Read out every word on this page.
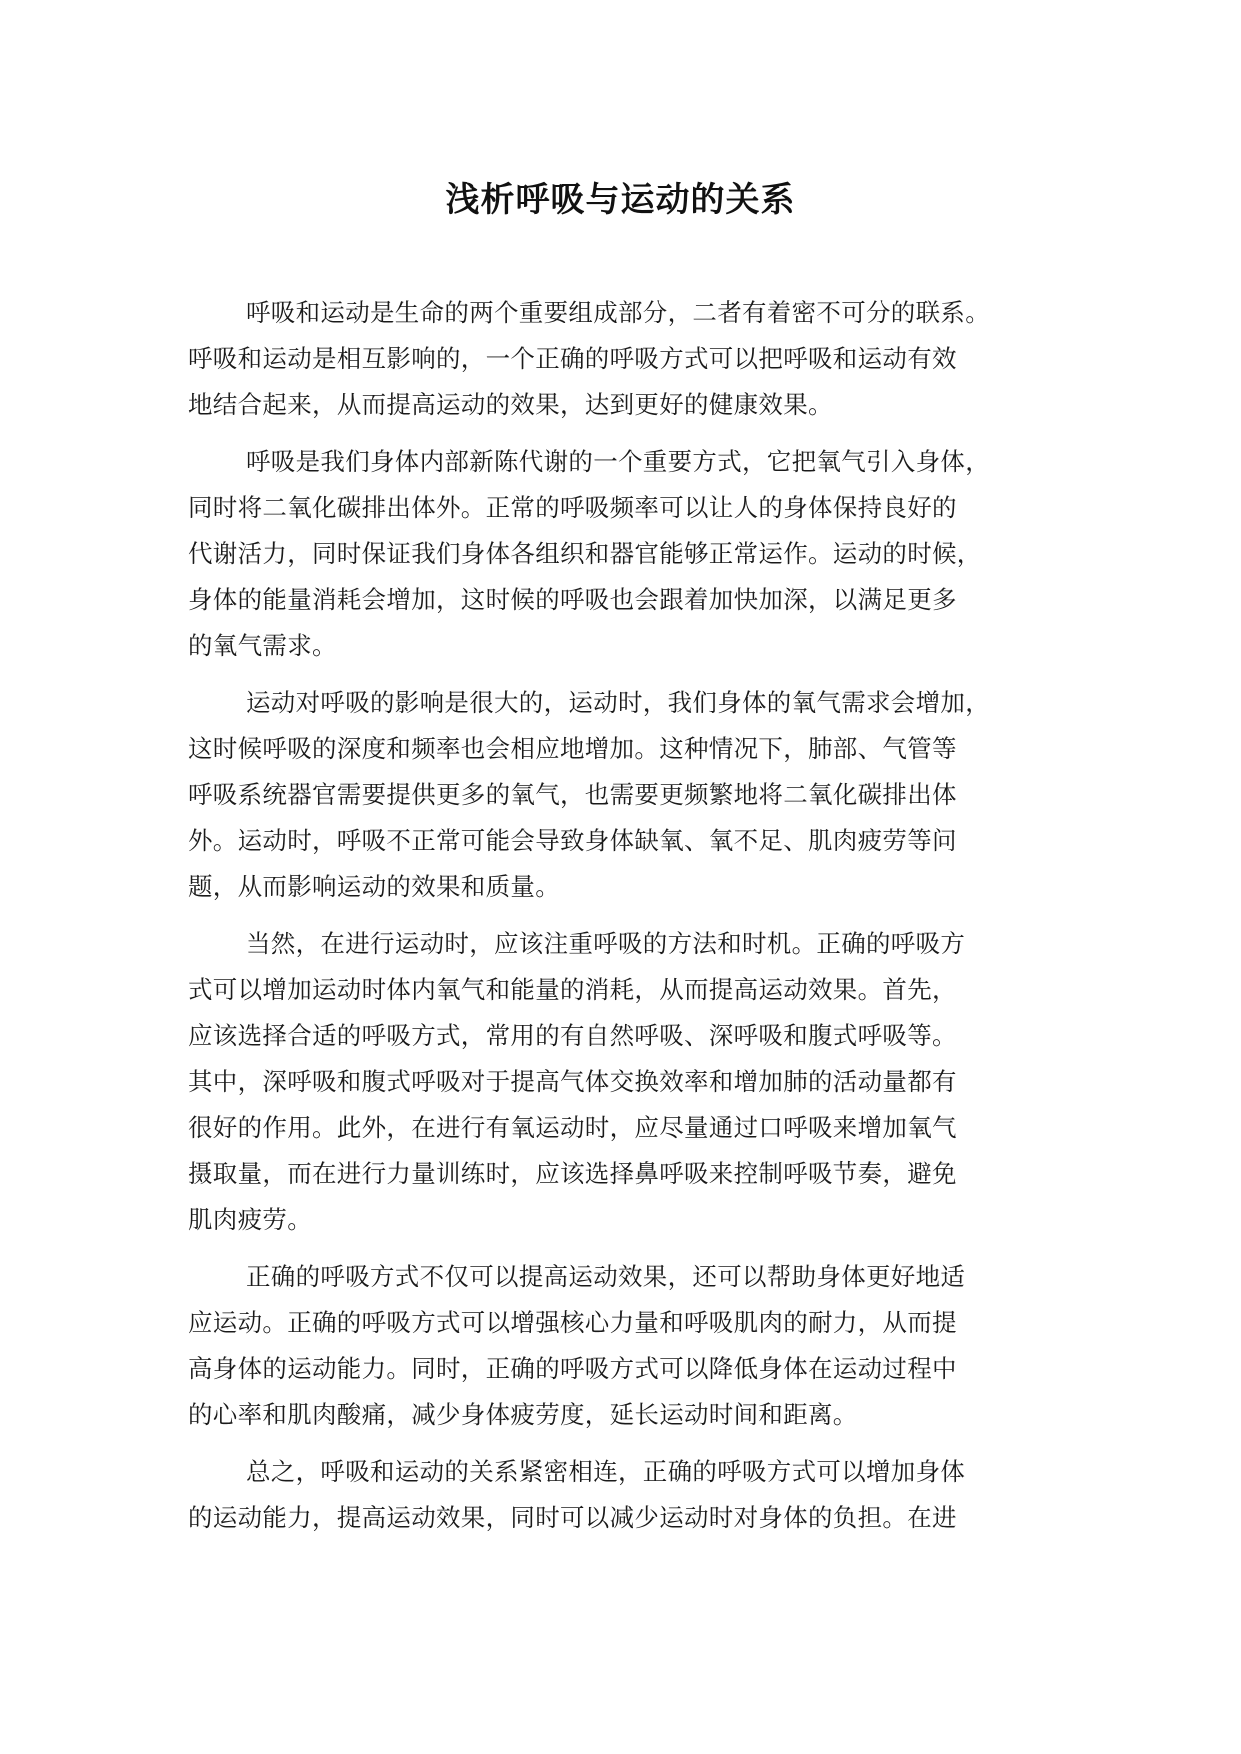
浅析呼吸与运动的关系

呼吸和运动是生命的两个重要组成部分，二者有着密不可分的联系。
呼吸和运动是相互影响的，一个正确的呼吸方式可以把呼吸和运动有效
地结合起来，从而提高运动的效果，达到更好的健康效果。

呼吸是我们身体内部新陈代谢的一个重要方式，它把氧气引入身体，
同时将二氧化碳排出体外。正常的呼吸频率可以让人的身体保持良好的
代谢活力，同时保证我们身体各组织和器官能够正常运作。运动的时候，
身体的能量消耗会增加，这时候的呼吸也会跟着加快加深，以满足更多
的氧气需求。

运动对呼吸的影响是很大的，运动时，我们身体的氧气需求会增加，
这时候呼吸的深度和频率也会相应地增加。这种情况下，肺部、气管等
呼吸系统器官需要提供更多的氧气，也需要更频繁地将二氧化碳排出体
外。运动时，呼吸不正常可能会导致身体缺氧、氧不足、肌肉疲劳等问
题，从而影响运动的效果和质量。

当然，在进行运动时，应该注重呼吸的方法和时机。正确的呼吸方
式可以增加运动时体内氧气和能量的消耗，从而提高运动效果。首先，
应该选择合适的呼吸方式，常用的有自然呼吸、深呼吸和腹式呼吸等。
其中，深呼吸和腹式呼吸对于提高气体交换效率和增加肺的活动量都有
很好的作用。此外，在进行有氧运动时，应尽量通过口呼吸来增加氧气
摄取量，而在进行力量训练时，应该选择鼻呼吸来控制呼吸节奏，避免
肌肉疲劳。

正确的呼吸方式不仅可以提高运动效果，还可以帮助身体更好地适
应运动。正确的呼吸方式可以增强核心力量和呼吸肌肉的耐力，从而提
高身体的运动能力。同时，正确的呼吸方式可以降低身体在运动过程中
的心率和肌肉酸痛，减少身体疲劳度，延长运动时间和距离。

总之，呼吸和运动的关系紧密相连，正确的呼吸方式可以增加身体
的运动能力，提高运动效果，同时可以减少运动时对身体的负担。在进
